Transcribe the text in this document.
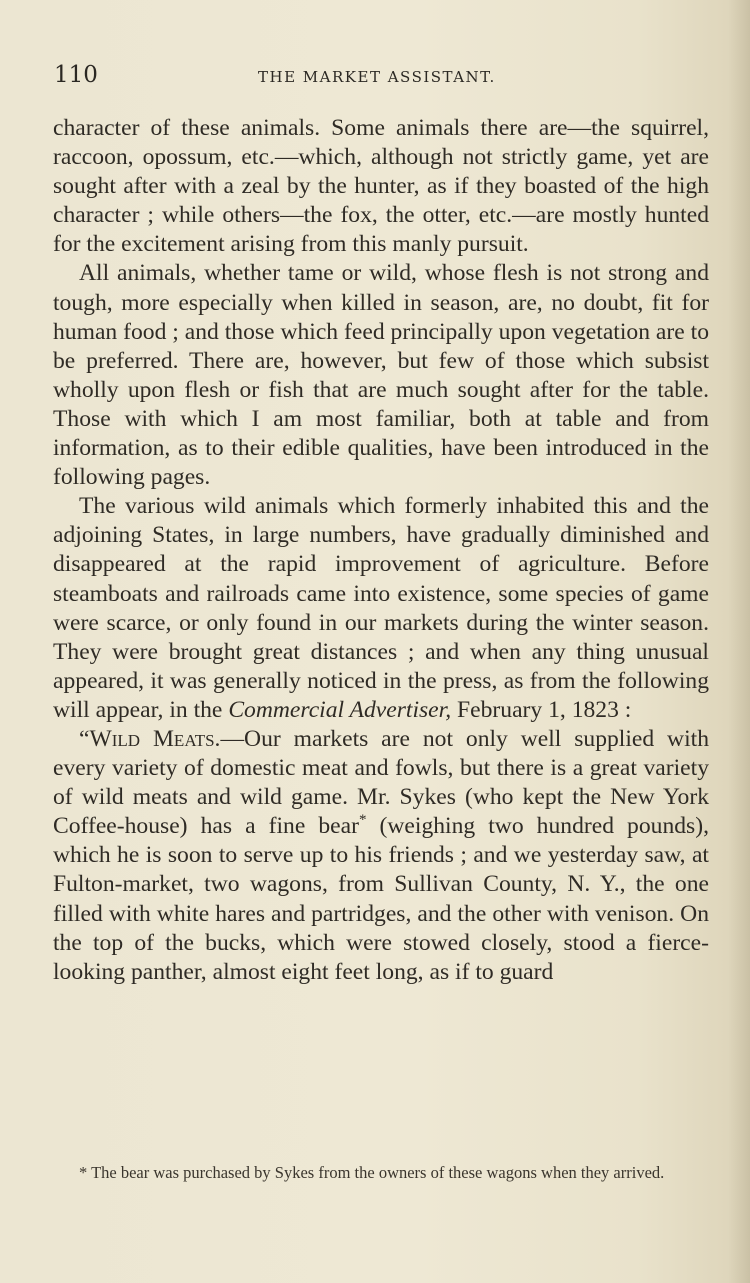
110	THE MARKET ASSISTANT.

character of these animals. Some animals there are—the squirrel, raccoon, opossum, etc.—which, although not strictly game, yet are sought after with a zeal by the hunter, as if they boasted of the high character ; while others—the fox, the otter, etc.—are mostly hunted for the excitement arising from this manly pursuit.

All animals, whether tame or wild, whose flesh is not strong and tough, more especially when killed in season, are, no doubt, fit for human food ; and those which feed principally upon vegetation are to be preferred. There are, however, but few of those which subsist wholly upon flesh or fish that are much sought after for the table. Those with which I am most familiar, both at table and from information, as to their edible qualities, have been introduced in the following pages.

The various wild animals which formerly inhabited this and the adjoining States, in large numbers, have gradually diminished and disappeared at the rapid improvement of agriculture. Before steamboats and railroads came into existence, some species of game were scarce, or only found in our markets during the winter season. They were brought great distances ; and when any thing unusual appeared, it was generally noticed in the press, as from the following will appear, in the Commercial Advertiser, February 1, 1823 :

“Wild Meats.—Our markets are not only well supplied with every variety of domestic meat and fowls, but there is a great variety of wild meats and wild game. Mr. Sykes (who kept the New York Coffee-house) has a fine bear* (weighing two hundred pounds), which he is soon to serve up to his friends ; and we yesterday saw, at Fulton-market, two wagons, from Sullivan County, N. Y., the one filled with white hares and partridges, and the other with venison. On the top of the bucks, which were stowed closely, stood a fierce-looking panther, almost eight feet long, as if to guard

* The bear was purchased by Sykes from the owners of these wagons when they arrived.
